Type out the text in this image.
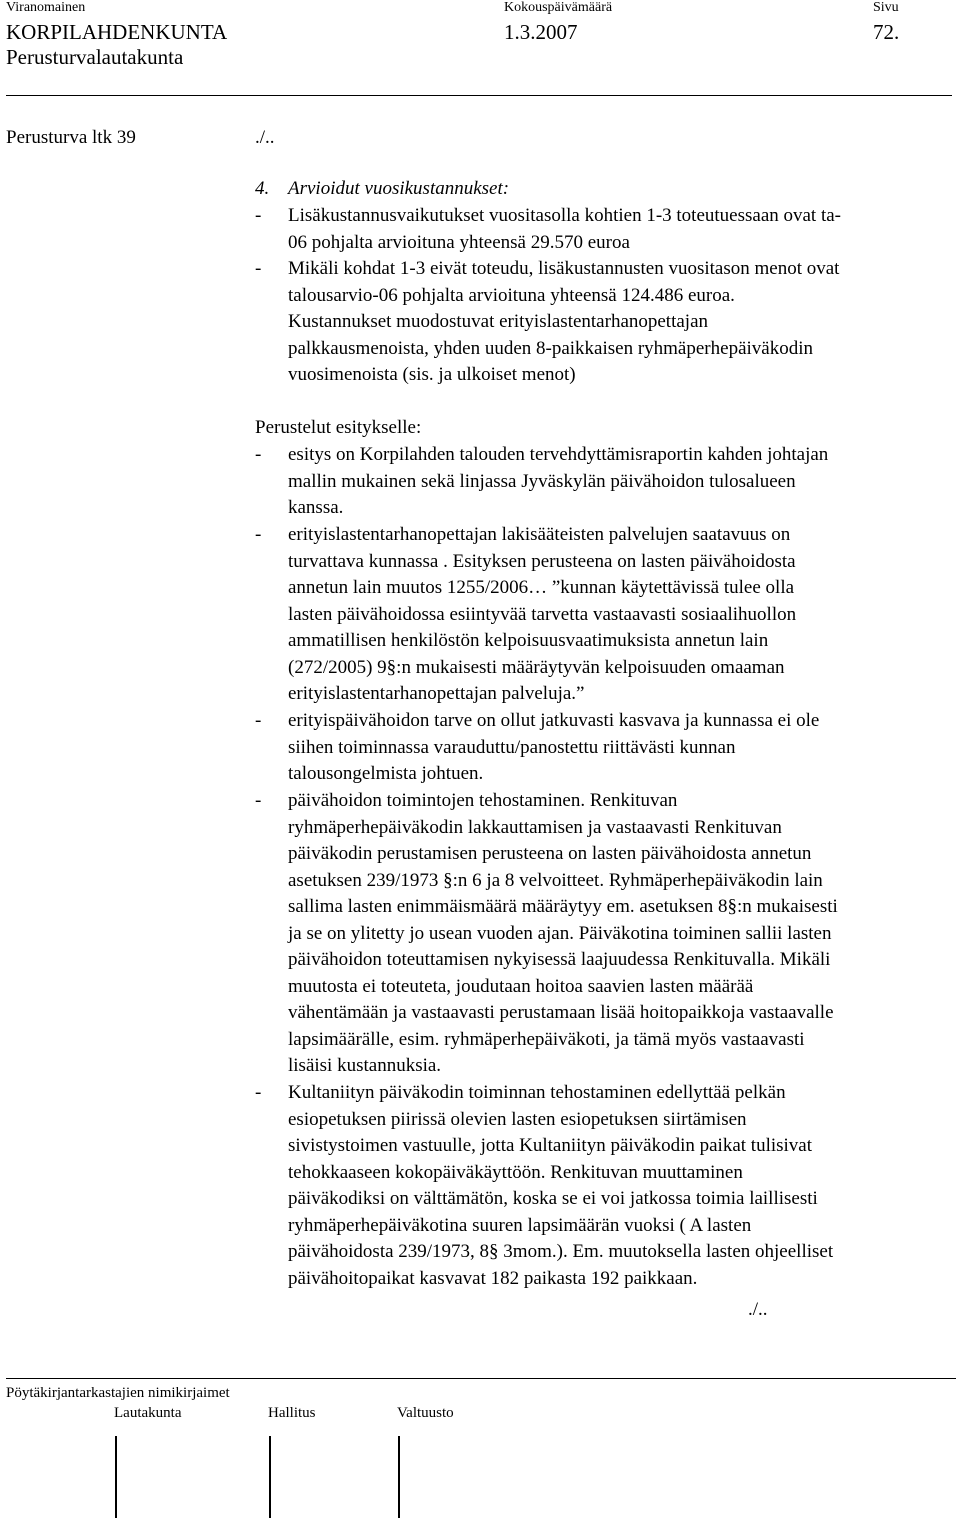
Viranomainen	Kokouspäivämäärä	Sivu
KORPILAHDENKUNTA	1.3.2007	72.
Perusturvalautakunta
Perusturva ltk 39	./..
4. Arvioidut vuosikustannukset:
- Lisäkustannusvaikutukset vuositasolla kohtien 1-3 toteutuessaan ovat ta-
06 pohjalta arvioituna yhteensä 29.570 euroa
- Mikäli kohdat 1-3 eivät toteudu, lisäkustannusten vuositason menot ovat
talousarvio-06 pohjalta arvioituna yhteensä 124.486 euroa.
Kustannukset muodostuvat erityislastentarhanopettajan
palkkausmenoista, yhden uuden 8-paikkaisen ryhmäperhepäiväkodin
vuosimenoista (sis. ja ulkoiset menot)
Perustelut esitykselle:
- esitys on Korpilahden talouden tervehdyttämisraportin kahden johtajan
mallin mukainen sekä linjassa Jyväskylän päivähoidon tulosalueen
kanssa.
- erityislastentarhanopettajan lakisääteisten palvelujen saatavuus on
turvattava kunnassa . Esityksen perusteena on lasten päivähoidosta
annetun lain muutos 1255/2006… ”kunnan käytettävissä tulee olla
lasten päivähoidossa esiintyvää tarvetta vastaavasti sosiaalihuollon
ammatillisen henkilöstön kelpoisuusvaatimuksista annetun lain
(272/2005) 9§:n mukaisesti määräytyvän kelpoisuuden omaaman
erityislastentarhanopettajan palveluja.”
- erityispäivähoidon tarve on ollut jatkuvasti kasvava ja kunnassa ei ole
siihen toiminnassa varauduttu/panostettu riittävästi kunnan
talousongelmista johtuen.
- päivähoidon toimintojen tehostaminen. Renkituvan
ryhmäperhepäiväkodin lakkauttamisen ja vastaavasti Renkituvan
päiväkodin perustamisen perusteena on lasten päivähoidosta annetun
asetuksen 239/1973 §:n 6 ja 8 velvoitteet. Ryhmäperhepäiväkodin lain
sallima lasten enimmäismäärä määräytyy em. asetuksen 8§:n mukaisesti
ja se on ylitetty jo usean vuoden ajan. Päiväkotina toiminen sallii lasten
päivähoidon toteuttamisen nykyisessä laajuudessa Renkituvalla. Mikäli
muutosta ei toteuteta, joudutaan hoitoa saavien lasten määrää
vähentämään ja vastaavasti perustamaan lisää hoitopaikkoja vastaavalle
lapsimäärälle, esim. ryhmäperhepäiväkoti, ja tämä myös vastaavasti
lisäisi kustannuksia.
- Kultaniityn päiväkodin toiminnan tehostaminen edellyttää pelkän
esiopetuksen piirissä olevien lasten esiopetuksen siirtämisen
sivistystoimen vastuulle, jotta Kultaniityn päiväkodin paikat tulisivat
tehokkaaseen kokopäiväkäyttöön. Renkituvan muuttaminen
päiväkodiksi on välttämätön, koska se ei voi jatkossa toimia laillisesti
ryhmäperhepäiväkotina suuren lapsimäärän vuoksi ( A lasten
päivähoidosta 239/1973, 8§ 3mom.). Em. muutoksella lasten ohjeelliset
päivähoitopaikat kasvavat 182 paikasta 192 paikkaan.
./..
Pöytäkirjantarkastajien nimikirjaimet
Lautakunta	Hallitus	Valtuusto
